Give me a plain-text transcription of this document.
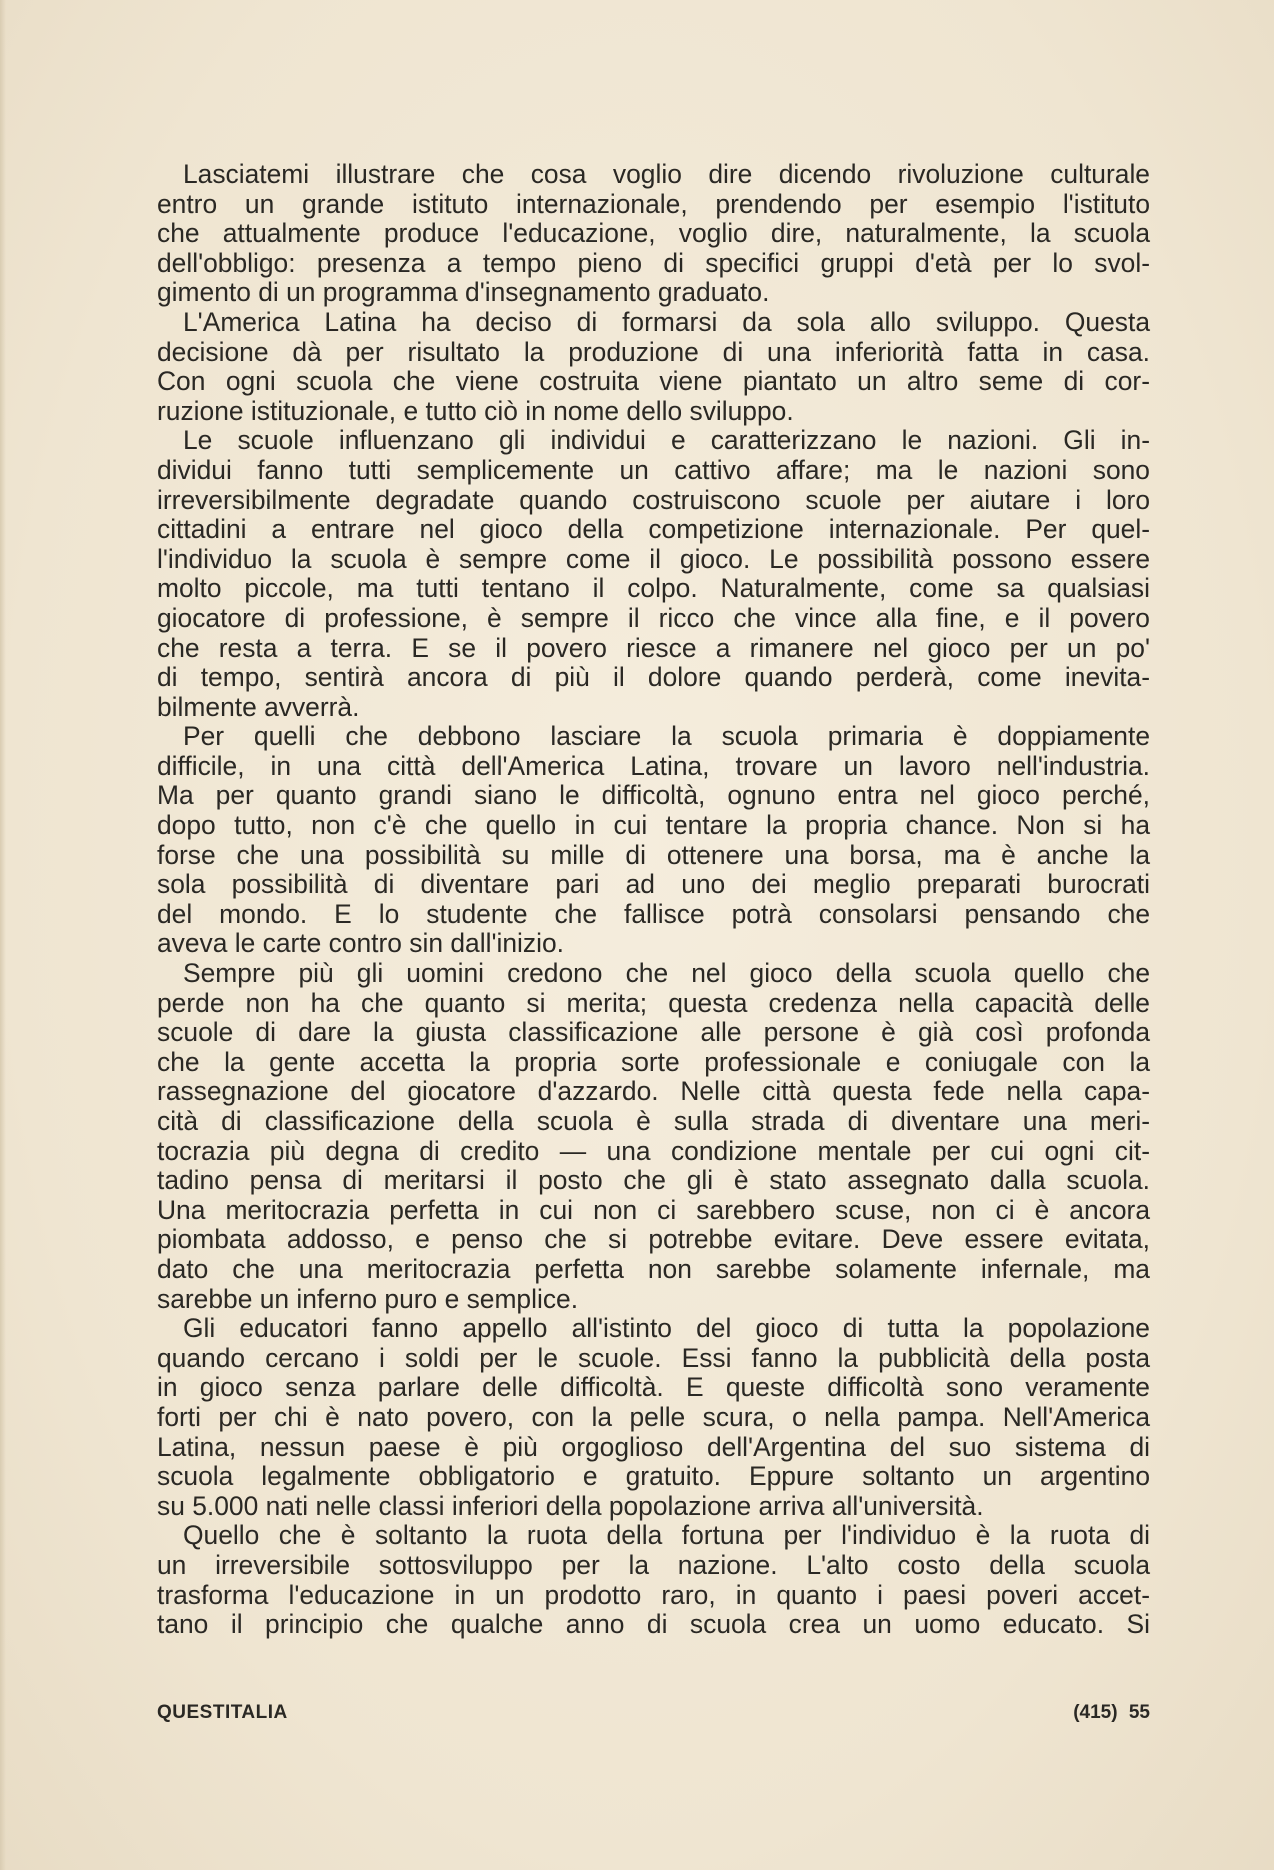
Lasciatemi illustrare che cosa voglio dire dicendo rivoluzione culturale
entro un grande istituto internazionale, prendendo per esempio l'istituto
che attualmente produce l'educazione, voglio dire, naturalmente, la scuola
dell'obbligo: presenza a tempo pieno di specifici gruppi d'età per lo svol-
gimento di un programma d'insegnamento graduato.

L'America Latina ha deciso di formarsi da sola allo sviluppo. Questa
decisione dà per risultato la produzione di una inferiorità fatta in casa.
Con ogni scuola che viene costruita viene piantato un altro seme di cor-
ruzione istituzionale, e tutto ciò in nome dello sviluppo.

Le scuole influenzano gli individui e caratterizzano le nazioni. Gli in-
dividui fanno tutti semplicemente un cattivo affare; ma le nazioni sono
irreversibilmente degradate quando costruiscono scuole per aiutare i loro
cittadini a entrare nel gioco della competizione internazionale. Per quel-
l'individuo la scuola è sempre come il gioco. Le possibilità possono essere
molto piccole, ma tutti tentano il colpo. Naturalmente, come sa qualsiasi
giocatore di professione, è sempre il ricco che vince alla fine, e il povero
che resta a terra. E se il povero riesce a rimanere nel gioco per un po'
di tempo, sentirà ancora di più il dolore quando perderà, come inevita-
bilmente avverrà.

Per quelli che debbono lasciare la scuola primaria è doppiamente
difficile, in una città dell'America Latina, trovare un lavoro nell'industria.
Ma per quanto grandi siano le difficoltà, ognuno entra nel gioco perché,
dopo tutto, non c'è che quello in cui tentare la propria chance. Non si ha
forse che una possibilità su mille di ottenere una borsa, ma è anche la
sola possibilità di diventare pari ad uno dei meglio preparati burocrati
del mondo. E lo studente che fallisce potrà consolarsi pensando che
aveva le carte contro sin dall'inizio.

Sempre più gli uomini credono che nel gioco della scuola quello che
perde non ha che quanto si merita; questa credenza nella capacità delle
scuole di dare la giusta classificazione alle persone è già così profonda
che la gente accetta la propria sorte professionale e coniugale con la
rassegnazione del giocatore d'azzardo. Nelle città questa fede nella capa-
cità di classificazione della scuola è sulla strada di diventare una meri-
tocrazia più degna di credito — una condizione mentale per cui ogni cit-
tadino pensa di meritarsi il posto che gli è stato assegnato dalla scuola.
Una meritocrazia perfetta in cui non ci sarebbero scuse, non ci è ancora
piombata addosso, e penso che si potrebbe evitare. Deve essere evitata,
dato che una meritocrazia perfetta non sarebbe solamente infernale, ma
sarebbe un inferno puro e semplice.

Gli educatori fanno appello all'istinto del gioco di tutta la popolazione
quando cercano i soldi per le scuole. Essi fanno la pubblicità della posta
in gioco senza parlare delle difficoltà. E queste difficoltà sono veramente
forti per chi è nato povero, con la pelle scura, o nella pampa. Nell'America
Latina, nessun paese è più orgoglioso dell'Argentina del suo sistema di
scuola legalmente obbligatorio e gratuito. Eppure soltanto un argentino
su 5.000 nati nelle classi inferiori della popolazione arriva all'università.

Quello che è soltanto la ruota della fortuna per l'individuo è la ruota di
un irreversibile sottosviluppo per la nazione. L'alto costo della scuola
trasforma l'educazione in un prodotto raro, in quanto i paesi poveri accet-
tano il principio che qualche anno di scuola crea un uomo educato. Si

QUESTITALIA	(415) 55
